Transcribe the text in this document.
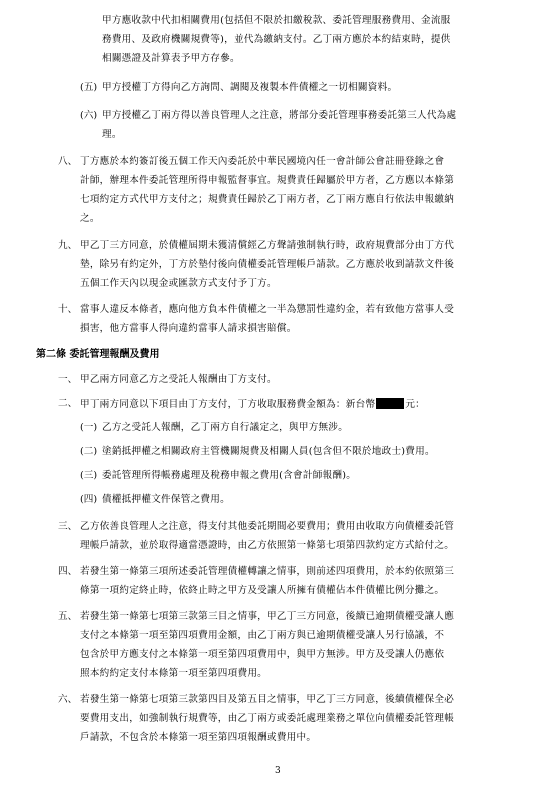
甲方應收款中代扣相關費用(包括但不限於扣繳稅款、委託管理服務費用、金流服
務費用、及政府機關規費等)，並代為繳納支付。乙丁兩方應於本約結束時，提供
相關憑證及計算表予甲方存參。
(五) 甲方授權丁方得向乙方詢問、調閱及複製本件債權之一切相關資料。
(六) 甲方授權乙丁兩方得以善良管理人之注意，將部分委託管理事務委託第三人代為處
理。
八、 丁方應於本約簽訂後五個工作天內委託於中華民國境內任一會計師公會註冊登錄之會
計師，辦理本件委託管理所得申報監督事宜。規費責任歸屬於甲方者，乙方應以本條第
七項約定方式代甲方支付之；規費責任歸於乙丁兩方者，乙丁兩方應自行依法申報繳納
之。
九、 甲乙丁三方同意，於債權屆期未獲清償經乙方聲請強制執行時，政府規費部分由丁方代
墊，除另有約定外，丁方於墊付後向債權委託管理帳戶請款。乙方應於收到請款文件後
五個工作天內以現金或匯款方式支付予丁方。
十、 當事人違反本條者，應向他方負本件債權之一半為懲罰性違約金，若有致他方當事人受
損害，他方當事人得向違約當事人請求損害賠償。
第二條 委託管理報酬及費用
一、 甲乙兩方同意乙方之受託人報酬由丁方支付。
二、 甲丁兩方同意以下項目由丁方支付，丁方收取服務費金額為：新台幣	元：
(一) 乙方之受託人報酬，乙丁兩方自行議定之，與甲方無涉。
(二) 塗銷抵押權之相關政府主管機關規費及相關人員(包含但不限於地政士)費用。
(三) 委託管理所得帳務處理及稅務申報之費用(含會計師報酬)。
(四) 債權抵押權文件保管之費用。
三、 乙方依善良管理人之注意，得支付其他委託期間必要費用；費用由收取方向債權委託管
理帳戶請款，並於取得適當憑證時，由乙方依照第一條第七項第四款約定方式給付之。
四、 若發生第一條第三項所述委託管理債權轉讓之情事，則前述四項費用，於本約依照第三
條第一項約定終止時，依終止時之甲方及受讓人所擁有債權佔本件債權比例分攤之。
五、 若發生第一條第七項第三款第三目之情事，甲乙丁三方同意，後續已逾期債權受讓人應
支付之本條第一項至第四項費用金額，由乙丁兩方與已逾期債權受讓人另行協議，不
包含於甲方應支付之本條第一項至第四項費用中，與甲方無涉。甲方及受讓人仍應依
照本約約定支付本條第一項至第四項費用。
六、 若發生第一條第七項第三款第四目及第五目之情事，甲乙丁三方同意，後續債權保全必
要費用支出，如強制執行規費等，由乙丁兩方或委託處理業務之單位向債權委託管理帳
戶請款，不包含於本條第一項至第四項報酬或費用中。
3
